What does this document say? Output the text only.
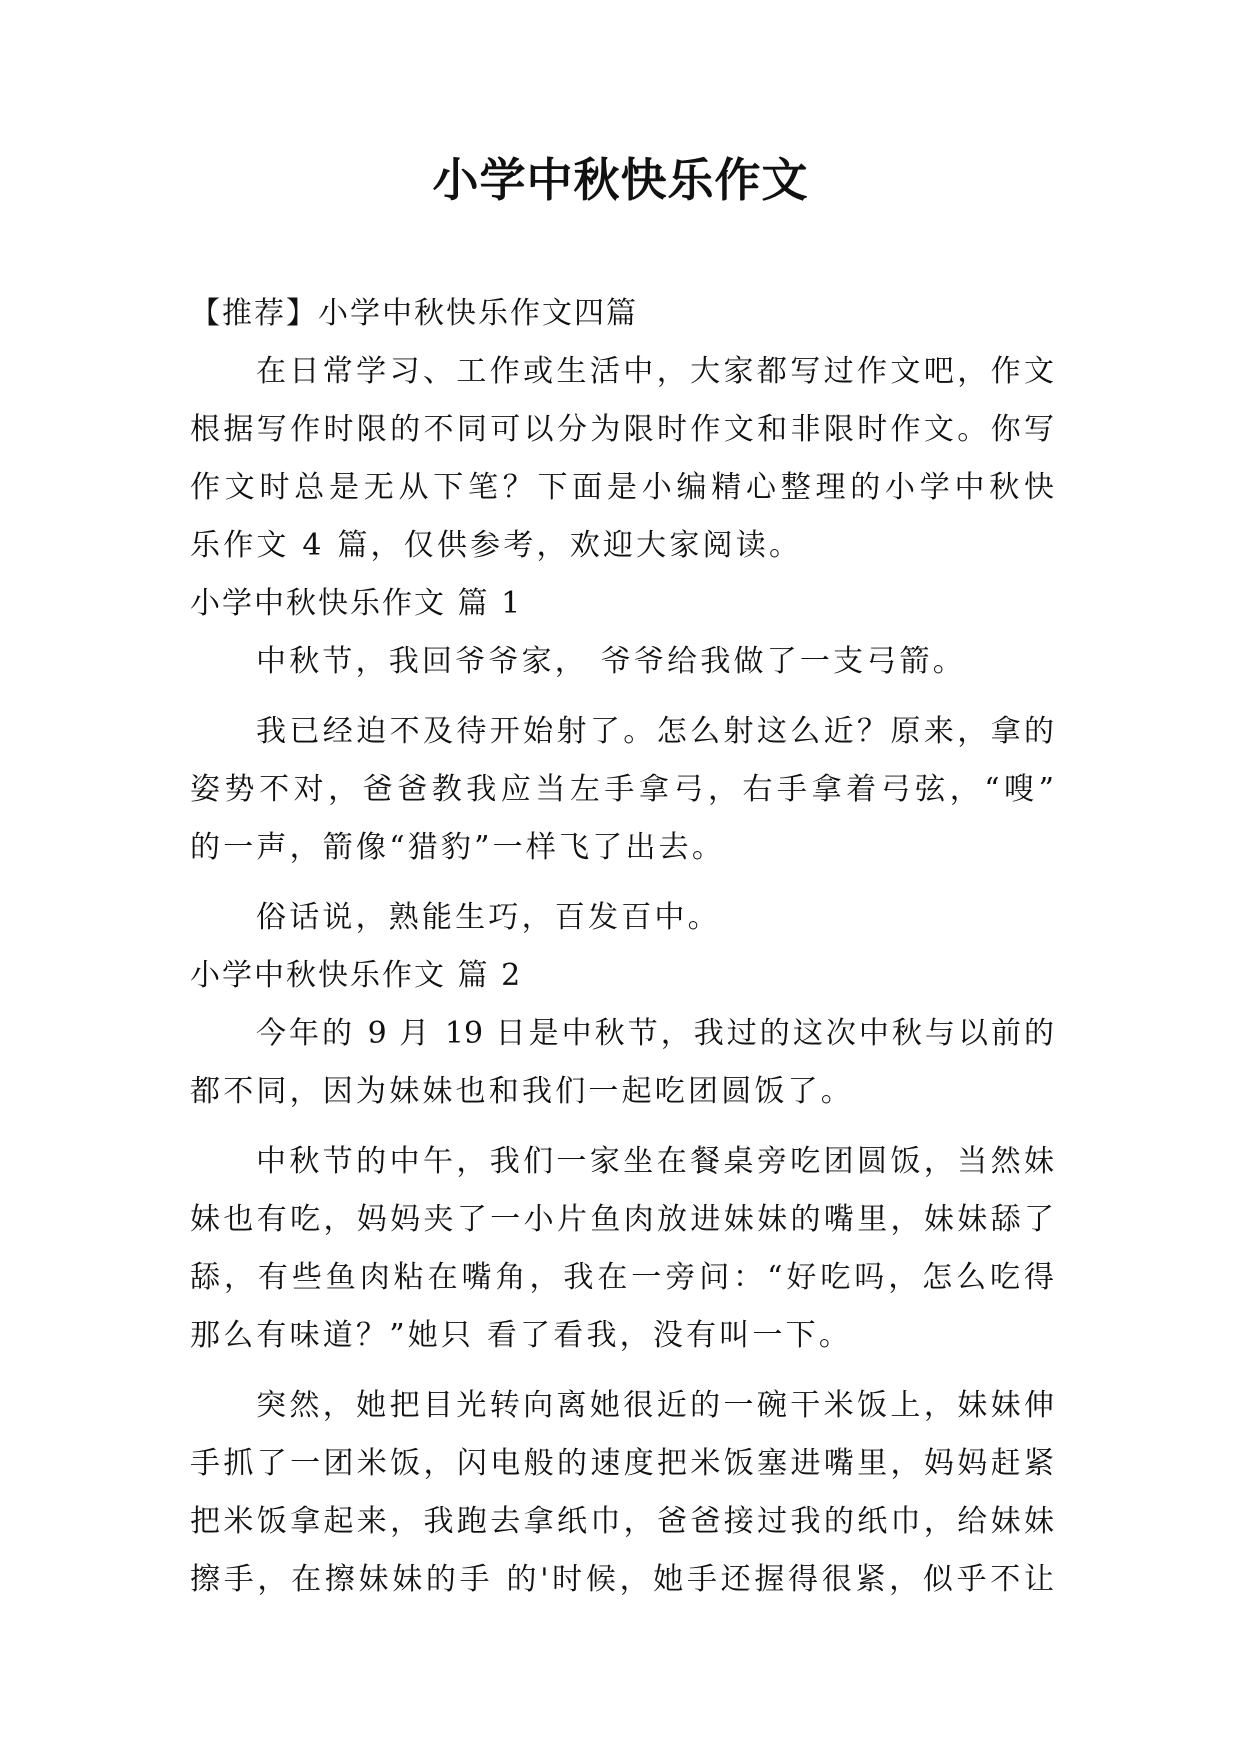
小学中秋快乐作文
【推荐】小学中秋快乐作文四篇
在日常学习、工作或生活中，大家都写过作文吧，作文
根据写作时限的不同可以分为限时作文和非限时作文。你写
作文时总是无从下笔？下面是小编精心整理的小学中秋快
乐作文 4 篇，仅供参考，欢迎大家阅读。
小学中秋快乐作文 篇 1
中秋节，我回爷爷家， 爷爷给我做了一支弓箭。
我已经迫不及待开始射了。怎么射这么近？原来，拿的
姿势不对，爸爸教我应当左手拿弓，右手拿着弓弦，“嗖”
的一声，箭像“猎豹”一样飞了出去。
俗话说，熟能生巧，百发百中。
小学中秋快乐作文 篇 2
今年的 9 月 19 日是中秋节，我过的这次中秋与以前的
都不同，因为妹妹也和我们一起吃团圆饭了。
中秋节的中午，我们一家坐在餐桌旁吃团圆饭，当然妹
妹也有吃，妈妈夹了一小片鱼肉放进妹妹的嘴里，妹妹舔了
舔，有些鱼肉粘在嘴角，我在一旁问：“好吃吗，怎么吃得
那么有味道？”她只 看了看我，没有叫一下。
突然，她把目光转向离她很近的一碗干米饭上，妹妹伸
手抓了一团米饭，闪电般的速度把米饭塞进嘴里，妈妈赶紧
把米饭拿起来，我跑去拿纸巾，爸爸接过我的纸巾，给妹妹
擦手，在擦妹妹的手 的'时候，她手还握得很紧，似乎不让
